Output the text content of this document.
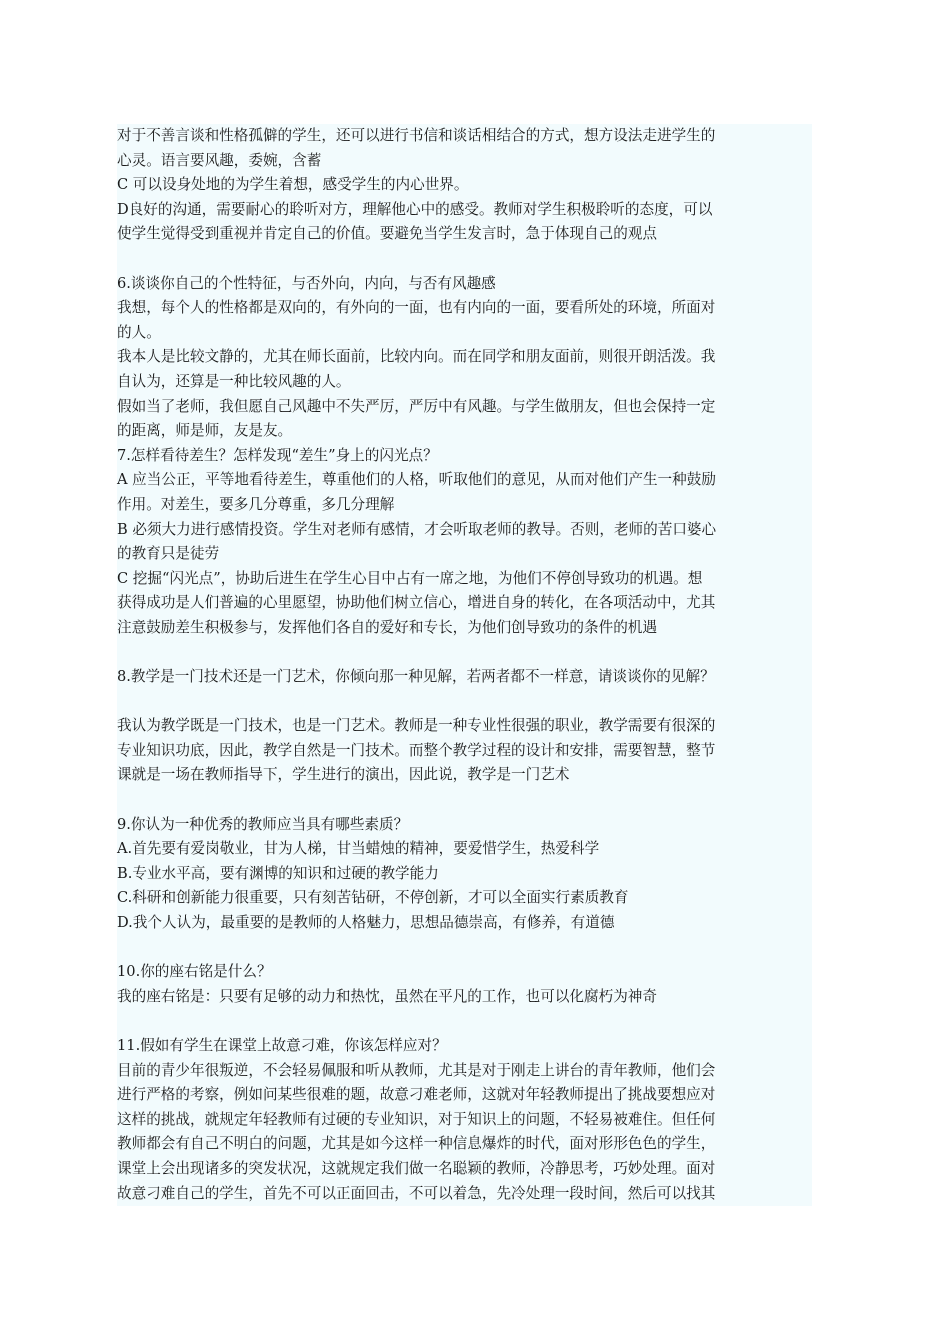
对于不善言谈和性格孤僻的学生，还可以进行书信和谈话相结合的方式，想方设法走进学生的
心灵。语言要风趣，委婉，含蓄
C 可以设身处地的为学生着想，感受学生的内心世界。
D良好的沟通，需要耐心的聆听对方，理解他心中的感受。教师对学生积极聆听的态度，可以
使学生觉得受到重视并肯定自己的价值。要避免当学生发言时，急于体现自己的观点
6.谈谈你自己的个性特征，与否外向，内向，与否有风趣感
我想，每个人的性格都是双向的，有外向的一面，也有内向的一面，要看所处的环境，所面对
的人。
我本人是比较文静的，尤其在师长面前，比较内向。而在同学和朋友面前，则很开朗活泼。我
自认为，还算是一种比较风趣的人。
假如当了老师，我但愿自己风趣中不失严厉，严厉中有风趣。与学生做朋友，但也会保持一定
的距离，师是师，友是友。
7.怎样看待差生？怎样发现“差生”身上的闪光点？
A 应当公正，平等地看待差生，尊重他们的人格，听取他们的意见，从而对他们产生一种鼓励
作用。对差生，要多几分尊重，多几分理解
B 必须大力进行感情投资。学生对老师有感情，才会听取老师的教导。否则，老师的苦口婆心
的教育只是徒劳
C 挖掘“闪光点”，协助后进生在学生心目中占有一席之地，为他们不停创导致功的机遇。想
获得成功是人们普遍的心里愿望，协助他们树立信心，增进自身的转化，在各项活动中，尤其
注意鼓励差生积极参与，发挥他们各自的爱好和专长，为他们创导致功的条件的机遇
8.教学是一门技术还是一门艺术，你倾向那一种见解，若两者都不一样意，请谈谈你的见解？
我认为教学既是一门技术，也是一门艺术。教师是一种专业性很强的职业，教学需要有很深的
专业知识功底，因此，教学自然是一门技术。而整个教学过程的设计和安排，需要智慧，整节
课就是一场在教师指导下，学生进行的演出，因此说，教学是一门艺术
9.你认为一种优秀的教师应当具有哪些素质？
A.首先要有爱岗敬业，甘为人梯，甘当蜡烛的精神，要爱惜学生，热爱科学
B.专业水平高，要有渊博的知识和过硬的教学能力
C.科研和创新能力很重要，只有刻苦钻研，不停创新，才可以全面实行素质教育
D.我个人认为，最重要的是教师的人格魅力，思想品德崇高，有修养，有道德
10.你的座右铭是什么？
我的座右铭是：只要有足够的动力和热忱，虽然在平凡的工作，也可以化腐朽为神奇
11.假如有学生在课堂上故意刁难，你该怎样应对？
目前的青少年很叛逆，不会轻易佩服和听从教师，尤其是对于刚走上讲台的青年教师，他们会
进行严格的考察，例如问某些很难的题，故意刁难老师，这就对年轻教师提出了挑战要想应对
这样的挑战，就规定年轻教师有过硬的专业知识，对于知识上的问题，不轻易被难住。但任何
教师都会有自己不明白的问题，尤其是如今这样一种信息爆炸的时代，面对形形色色的学生，
课堂上会出现诸多的突发状况，这就规定我们做一名聪颖的教师，冷静思考，巧妙处理。面对
故意刁难自己的学生，首先不可以正面回击，不可以着急，先冷处理一段时间，然后可以找其
